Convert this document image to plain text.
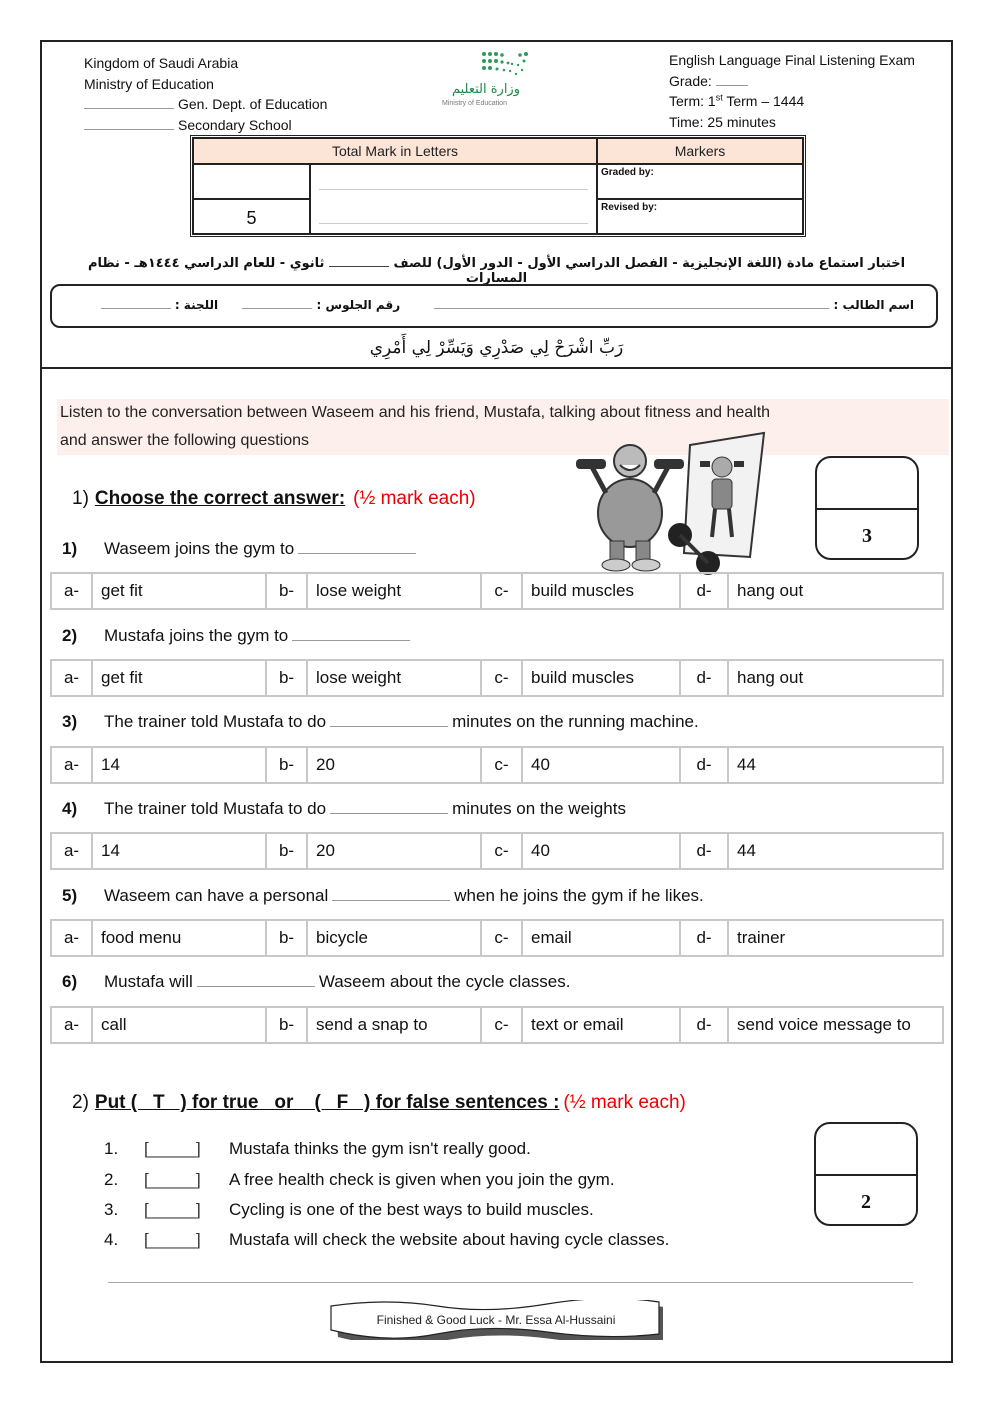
Kingdom of Saudi Arabia
Ministry of Education
Gen. Dept. of Education
Secondary School
وزارة التعليم
Ministry of Education
English Language Final Listening Exam
Grade:
Term: 1st Term – 1444
Time: 25 minutes
Total Mark in Letters	Markers
5
Graded by:
Revised by:
اختبار استماع مادة (اللغة الإنجليزية - الفصل الدراسي الأول - الدور الأول) للصف  ثانوي - للعام الدراسي ١٤٤٤هـ - نظام المسارات
اسم الطالب :  رقم الجلوس :  اللجنة :
رَبِّ اشْرَحْ لِي صَدْرِي وَيَسِّرْ لِي أَمْرِي
Listen to the conversation between Waseem and his friend, Mustafa, talking about fitness and health
and answer the following questions
3
1) Choose the correct answer: (½ mark each)
1) Waseem joins the gym to
a-	get fit	b-	lose weight	c-	build muscles	d-	hang out
2) Mustafa joins the gym to
a-	get fit	b-	lose weight	c-	build muscles	d-	hang out
3) The trainer told Mustafa to do	minutes on the running machine.
a-	14	b-	20	c-	40	d-	44
4) The trainer told Mustafa to do	minutes on the weights
a-	14	b-	20	c-	40	d-	44
5) Waseem can have a personal	when he joins the gym if he likes.
a-	food menu	b-	bicycle	c-	email	d-	trainer
6) Mustafa will	Waseem about the cycle classes.
a-	call	b-	send a snap to	c-	text or email	d-	send voice message to
2) Put (   T   ) for true   or    (   F   ) for false sentences : (½ mark each)
2
1. [_____] Mustafa thinks the gym isn't really good.
2. [_____] A free health check is given when you join the gym.
3. [_____] Cycling is one of the best ways to build muscles.
4. [_____] Mustafa will check the website about having cycle classes.
Finished & Good Luck - Mr. Essa Al-Hussaini
